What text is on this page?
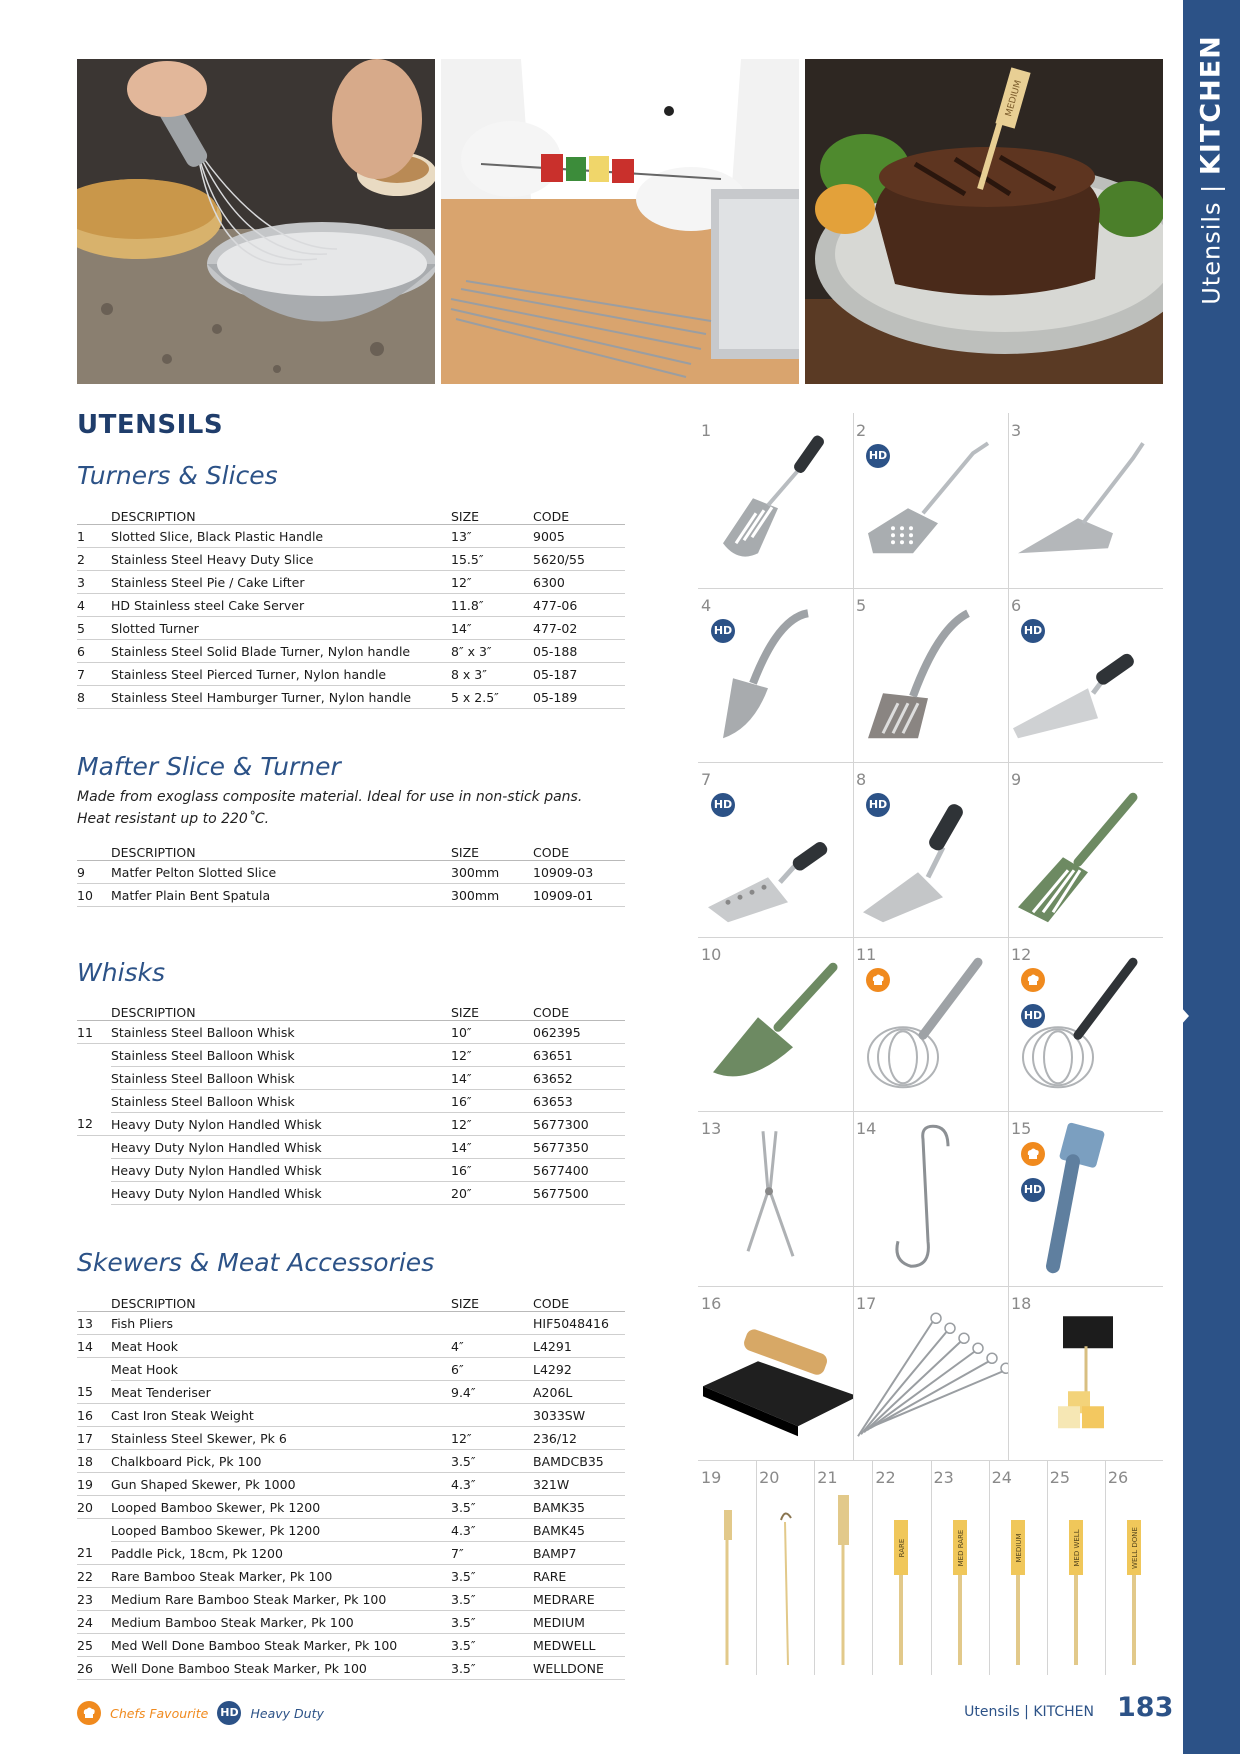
Utensils | KITCHEN
MEDIUM
UTENSILS
Turners & Slices
	DESCRIPTION	SIZE	CODE
1	Slotted Slice, Black Plastic Handle	13″	9005
2	Stainless Steel Heavy Duty Slice	15.5″	5620/55
3	Stainless Steel Pie / Cake Lifter	12″	6300
4	HD Stainless steel Cake Server	11.8″	477-06
5	Slotted Turner	14″	477-02
6	Stainless Steel Solid Blade Turner, Nylon handle	8″ x 3″	05-188
7	Stainless Steel Pierced Turner, Nylon handle	8 x 3″	05-187
8	Stainless Steel Hamburger Turner, Nylon handle	5 x 2.5″	05-189
Mafter Slice & Turner
Made from exoglass composite material. Ideal for use in non-stick pans.
Heat resistant up to 220˚C.
	DESCRIPTION	SIZE	CODE
9	Matfer Pelton Slotted Slice	300mm	10909-03
10	Matfer Plain Bent Spatula	300mm	10909-01
Whisks
	DESCRIPTION	SIZE	CODE
11	Stainless Steel Balloon Whisk	10″	062395
	Stainless Steel Balloon Whisk	12″	63651
	Stainless Steel Balloon Whisk	14″	63652
	Stainless Steel Balloon Whisk	16″	63653
12	Heavy Duty Nylon Handled Whisk	12″	5677300
	Heavy Duty Nylon Handled Whisk	14″	5677350
	Heavy Duty Nylon Handled Whisk	16″	5677400
	Heavy Duty Nylon Handled Whisk	20″	5677500
Skewers & Meat Accessories
	DESCRIPTION	SIZE	CODE
13	Fish Pliers		HIF5048416
14	Meat Hook	4″	L4291
	Meat Hook	6″	L4292
15	Meat Tenderiser	9.4″	A206L
16	Cast Iron Steak Weight		3033SW
17	Stainless Steel Skewer, Pk 6	12″	236/12
18	Chalkboard Pick, Pk 100	3.5″	BAMDCB35
19	Gun Shaped Skewer, Pk 1000	4.3″	321W
20	Looped Bamboo Skewer, Pk 1200	3.5″	BAMK35
	Looped Bamboo Skewer, Pk 1200	4.3″	BAMK45
21	Paddle Pick, 18cm, Pk 1200	7″	BAMP7
22	Rare Bamboo Steak Marker, Pk 100	3.5″	RARE
23	Medium Rare Bamboo Steak Marker, Pk 100	3.5″	MEDRARE
24	Medium Bamboo Steak Marker, Pk 100	3.5″	MEDIUM
25	Med Well Done Bamboo Steak Marker, Pk 100	3.5″	MEDWELL
26	Well Done Bamboo Steak Marker, Pk 100	3.5″	WELLDONE
1	2
HD
3
4
HD
5	6
HD
7
HD
8
HD
9
10	11	12
HD
13	14	15
HD
16	17	18
19 20 21 22
RARE
23
MED RARE
24
MEDIUM
25
MED WELL
26
WELL DONE
Chefs Favourite HD Heavy Duty	Utensils | KITCHEN 183
